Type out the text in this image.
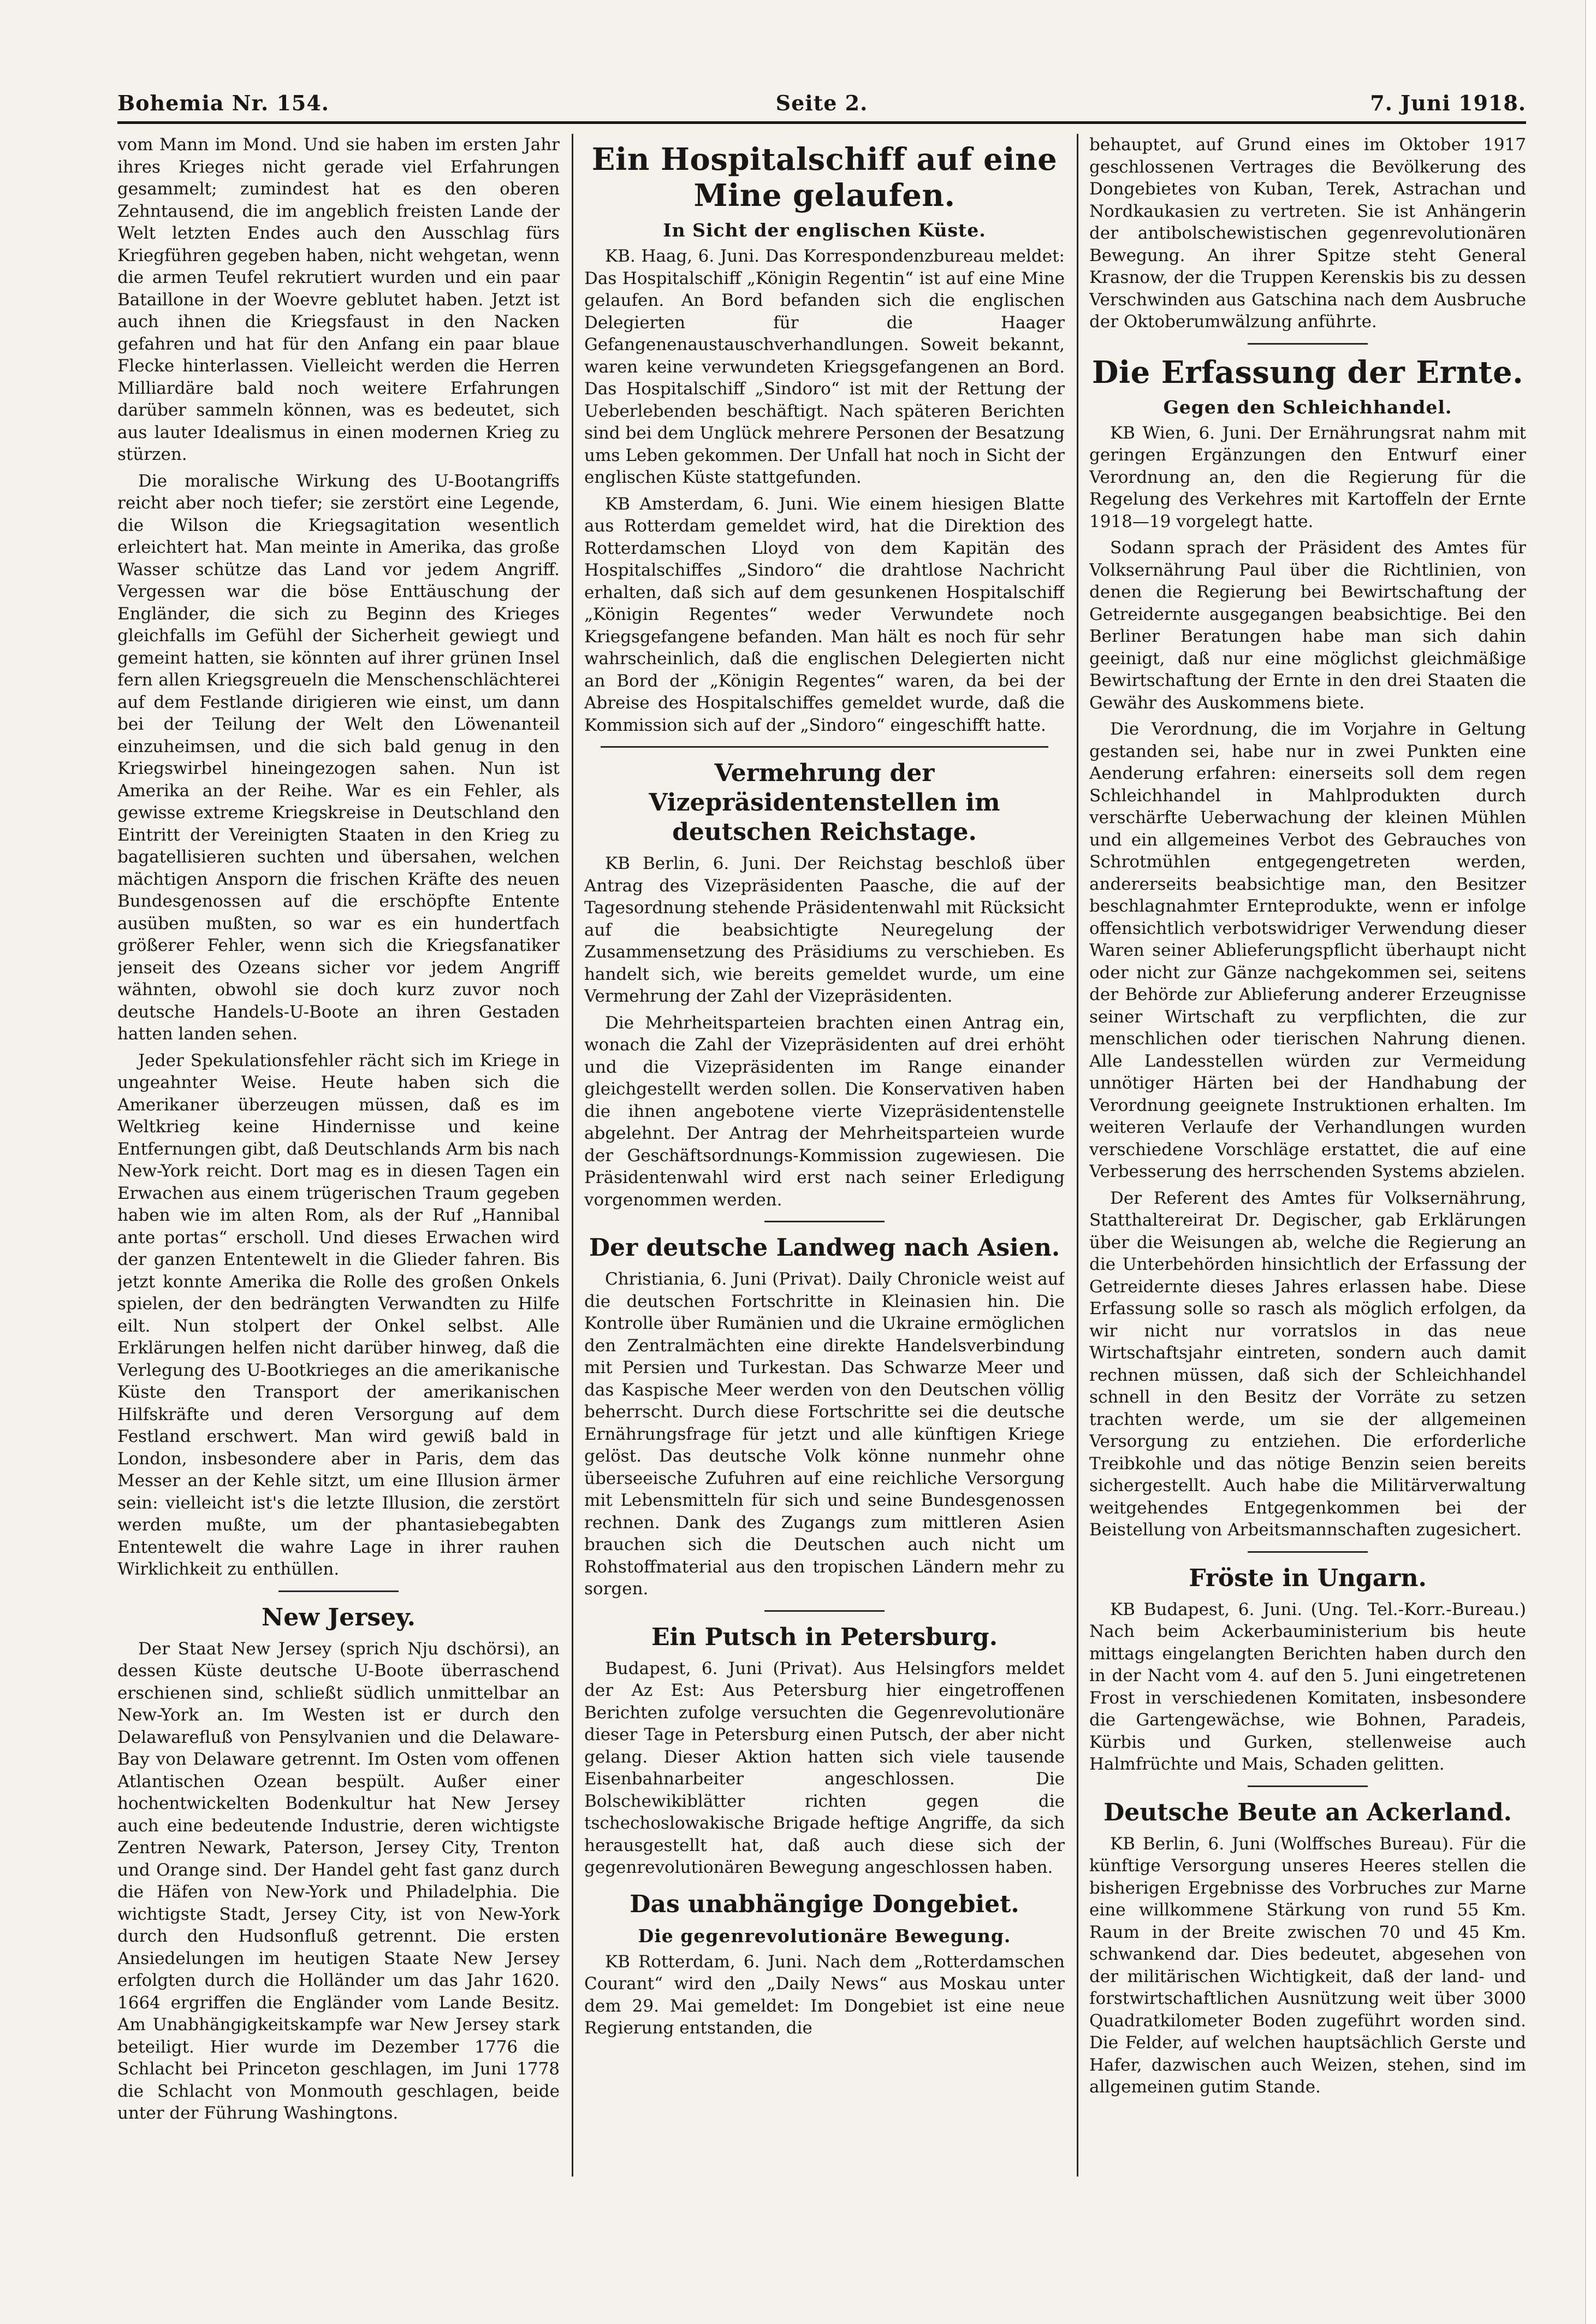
Bohemia Nr. 154.	Seite 2.	7. Juni 1918.

vom Mann im Mond. Und sie haben im ersten Jahr ihres Krieges nicht gerade viel Erfahrungen gesammelt; zumindest hat es den oberen Zehntausend, die im angeblich freisten Lande der Welt letzten Endes auch den Ausschlag fürs Kriegführen gegeben haben, nicht wehgetan, wenn die armen Teufel rekrutiert wurden und ein paar Bataillone in der Woevre geblutet haben. Jetzt ist auch ihnen die Kriegsfaust in den Nacken gefahren und hat für den Anfang ein paar blaue Flecke hinterlassen. Vielleicht werden die Herren Milliardäre bald noch weitere Erfahrungen darüber sammeln können, was es bedeutet, sich aus lauter Idealismus in einen modernen Krieg zu stürzen.

Die moralische Wirkung des U-Bootangriffs reicht aber noch tiefer; sie zerstört eine Legende, die Wilson die Kriegsagitation wesentlich erleichtert hat. Man meinte in Amerika, das große Wasser schütze das Land vor jedem Angriff. Vergessen war die böse Enttäuschung der Engländer, die sich zu Beginn des Krieges gleichfalls im Gefühl der Sicherheit gewiegt und gemeint hatten, sie könnten auf ihrer grünen Insel fern allen Kriegsgreueln die Menschenschlächterei auf dem Festlande dirigieren wie einst, um dann bei der Teilung der Welt den Löwenanteil einzuheimsen, und die sich bald genug in den Kriegswirbel hineingezogen sahen. Nun ist Amerika an der Reihe. War es ein Fehler, als gewisse extreme Kriegskreise in Deutschland den Eintritt der Vereinigten Staaten in den Krieg zu bagatellisieren suchten und übersahen, welchen mächtigen Ansporn die frischen Kräfte des neuen Bundesgenossen auf die erschöpfte Entente ausüben mußten, so war es ein hundertfach größerer Fehler, wenn sich die Kriegsfanatiker jenseit des Ozeans sicher vor jedem Angriff wähnten, obwohl sie doch kurz zuvor noch deutsche Handels-U-Boote an ihren Gestaden hatten landen sehen.

Jeder Spekulationsfehler rächt sich im Kriege in ungeahnter Weise. Heute haben sich die Amerikaner überzeugen müssen, daß es im Weltkrieg keine Hindernisse und keine Entfernungen gibt, daß Deutschlands Arm bis nach New-York reicht. Dort mag es in diesen Tagen ein Erwachen aus einem trügerischen Traum gegeben haben wie im alten Rom, als der Ruf „Hannibal ante portas“ erscholl. Und dieses Erwachen wird der ganzen Ententewelt in die Glieder fahren. Bis jetzt konnte Amerika die Rolle des großen Onkels spielen, der den bedrängten Verwandten zu Hilfe eilt. Nun stolpert der Onkel selbst. Alle Erklärungen helfen nicht darüber hinweg, daß die Verlegung des U-Bootkrieges an die amerikanische Küste den Transport der amerikanischen Hilfskräfte und deren Versorgung auf dem Festland erschwert. Man wird gewiß bald in London, insbesondere aber in Paris, dem das Messer an der Kehle sitzt, um eine Illusion ärmer sein: vielleicht ist's die letzte Illusion, die zerstört werden mußte, um der phantasiebegabten Ententewelt die wahre Lage in ihrer rauhen Wirklichkeit zu enthüllen.

New Jersey.

Der Staat New Jersey (sprich Nju dschörsi), an dessen Küste deutsche U-Boote überraschend erschienen sind, schließt südlich unmittelbar an New-York an. Im Westen ist er durch den Delawarefluß von Pensylvanien und die Delaware-Bay von Delaware getrennt. Im Osten vom offenen Atlantischen Ozean bespült. Außer einer hochentwickelten Bodenkultur hat New Jersey auch eine bedeutende Industrie, deren wichtigste Zentren Newark, Paterson, Jersey City, Trenton und Orange sind. Der Handel geht fast ganz durch die Häfen von New-York und Philadelphia. Die wichtigste Stadt, Jersey City, ist von New-York durch den Hudsonfluß getrennt. Die ersten Ansiedelungen im heutigen Staate New Jersey erfolgten durch die Holländer um das Jahr 1620. 1664 ergriffen die Engländer vom Lande Besitz. Am Unabhängigkeitskampfe war New Jersey stark beteiligt. Hier wurde im Dezember 1776 die Schlacht bei Princeton geschlagen, im Juni 1778 die Schlacht von Monmouth geschlagen, beide unter der Führung Washingtons.

Ein Hospitalschiff auf eine Mine gelaufen.
In Sicht der englischen Küste.

KB. Haag, 6. Juni. Das Korrespondenzbureau meldet: Das Hospitalschiff „Königin Regentin“ ist auf eine Mine gelaufen. An Bord befanden sich die englischen Delegierten für die Haager Gefangenenaustauschverhandlungen. Soweit bekannt, waren keine verwundeten Kriegsgefangenen an Bord. Das Hospitalschiff „Sindoro“ ist mit der Rettung der Ueberlebenden beschäftigt. Nach späteren Berichten sind bei dem Unglück mehrere Personen der Besatzung ums Leben gekommen. Der Unfall hat noch in Sicht der englischen Küste stattgefunden.

KB Amsterdam, 6. Juni. Wie einem hiesigen Blatte aus Rotterdam gemeldet wird, hat die Direktion des Rotterdamschen Lloyd von dem Kapitän des Hospitalschiffes „Sindoro“ die drahtlose Nachricht erhalten, daß sich auf dem gesunkenen Hospitalschiff „Königin Regentes“ weder Verwundete noch Kriegsgefangene befanden. Man hält es noch für sehr wahrscheinlich, daß die englischen Delegierten nicht an Bord der „Königin Regentes“ waren, da bei der Abreise des Hospitalschiffes gemeldet wurde, daß die Kommission sich auf der „Sindoro“ eingeschifft hatte.

Vermehrung der Vizepräsidentenstellen im deutschen Reichstage.

KB Berlin, 6. Juni. Der Reichstag beschloß über Antrag des Vizepräsidenten Paasche, die auf der Tagesordnung stehende Präsidentenwahl mit Rücksicht auf die beabsichtigte Neuregelung der Zusammensetzung des Präsidiums zu verschieben. Es handelt sich, wie bereits gemeldet wurde, um eine Vermehrung der Zahl der Vizepräsidenten.

Die Mehrheitsparteien brachten einen Antrag ein, wonach die Zahl der Vizepräsidenten auf drei erhöht und die Vizepräsidenten im Range einander gleichgestellt werden sollen. Die Konservativen haben die ihnen angebotene vierte Vizepräsidentenstelle abgelehnt. Der Antrag der Mehrheitsparteien wurde der Geschäftsordnungs-Kommission zugewiesen. Die Präsidentenwahl wird erst nach seiner Erledigung vorgenommen werden.

Der deutsche Landweg nach Asien.

Christiania, 6. Juni (Privat). Daily Chronicle weist auf die deutschen Fortschritte in Kleinasien hin. Die Kontrolle über Rumänien und die Ukraine ermöglichen den Zentralmächten eine direkte Handelsverbindung mit Persien und Turkestan. Das Schwarze Meer und das Kaspische Meer werden von den Deutschen völlig beherrscht. Durch diese Fortschritte sei die deutsche Ernährungsfrage für jetzt und alle künftigen Kriege gelöst. Das deutsche Volk könne nunmehr ohne überseeische Zufuhren auf eine reichliche Versorgung mit Lebensmitteln für sich und seine Bundesgenossen rechnen. Dank des Zugangs zum mittleren Asien brauchen sich die Deutschen auch nicht um Rohstoffmaterial aus den tropischen Ländern mehr zu sorgen.

Ein Putsch in Petersburg.

Budapest, 6. Juni (Privat). Aus Helsingfors meldet der Az Est: Aus Petersburg hier eingetroffenen Berichten zufolge versuchten die Gegenrevolutionäre dieser Tage in Petersburg einen Putsch, der aber nicht gelang. Dieser Aktion hatten sich viele tausende Eisenbahnarbeiter angeschlossen. Die Bolschewikiblätter richten gegen die tschechoslowakische Brigade heftige Angriffe, da sich herausgestellt hat, daß auch diese sich der gegenrevolutionären Bewegung angeschlossen haben.

Das unabhängige Dongebiet.
Die gegenrevolutionäre Bewegung.

KB Rotterdam, 6. Juni. Nach dem „Rotterdamschen Courant“ wird den „Daily News“ aus Moskau unter dem 29. Mai gemeldet: Im Dongebiet ist eine neue Regierung entstanden, die

behauptet, auf Grund eines im Oktober 1917 geschlossenen Vertrages die Bevölkerung des Dongebietes von Kuban, Terek, Astrachan und Nordkaukasien zu vertreten. Sie ist Anhängerin der antibolschewistischen gegenrevolutionären Bewegung. An ihrer Spitze steht General Krasnow, der die Truppen Kerenskis bis zu dessen Verschwinden aus Gatschina nach dem Ausbruche der Oktoberumwälzung anführte.

Die Erfassung der Ernte.
Gegen den Schleichhandel.

KB Wien, 6. Juni. Der Ernährungsrat nahm mit geringen Ergänzungen den Entwurf einer Verordnung an, den die Regierung für die Regelung des Verkehres mit Kartoffeln der Ernte 1918—19 vorgelegt hatte.

Sodann sprach der Präsident des Amtes für Volksernährung Paul über die Richtlinien, von denen die Regierung bei Bewirtschaftung der Getreidernte ausgegangen beabsichtige. Bei den Berliner Beratungen habe man sich dahin geeinigt, daß nur eine möglichst gleichmäßige Bewirtschaftung der Ernte in den drei Staaten die Gewähr des Auskommens biete.

Die Verordnung, die im Vorjahre in Geltung gestanden sei, habe nur in zwei Punkten eine Aenderung erfahren: einerseits soll dem regen Schleichhandel in Mahlprodukten durch verschärfte Ueberwachung der kleinen Mühlen und ein allgemeines Verbot des Gebrauches von Schrotmühlen entgegengetreten werden, andererseits beabsichtige man, den Besitzer beschlagnahmter Ernteprodukte, wenn er infolge offensichtlich verbotswidriger Verwendung dieser Waren seiner Ablieferungspflicht überhaupt nicht oder nicht zur Gänze nachgekommen sei, seitens der Behörde zur Ablieferung anderer Erzeugnisse seiner Wirtschaft zu verpflichten, die zur menschlichen oder tierischen Nahrung dienen. Alle Landesstellen würden zur Vermeidung unnötiger Härten bei der Handhabung der Verordnung geeignete Instruktionen erhalten. Im weiteren Verlaufe der Verhandlungen wurden verschiedene Vorschläge erstattet, die auf eine Verbesserung des herrschenden Systems abzielen.

Der Referent des Amtes für Volksernährung, Statthaltereirat Dr. Degischer, gab Erklärungen über die Weisungen ab, welche die Regierung an die Unterbehörden hinsichtlich der Erfassung der Getreidernte dieses Jahres erlassen habe. Diese Erfassung solle so rasch als möglich erfolgen, da wir nicht nur vorratslos in das neue Wirtschaftsjahr eintreten, sondern auch damit rechnen müssen, daß sich der Schleichhandel schnell in den Besitz der Vorräte zu setzen trachten werde, um sie der allgemeinen Versorgung zu entziehen. Die erforderliche Treibkohle und das nötige Benzin seien bereits sichergestellt. Auch habe die Militärverwaltung weitgehendes Entgegenkommen bei der Beistellung von Arbeitsmannschaften zugesichert.

Fröste in Ungarn.

KB Budapest, 6. Juni. (Ung. Tel.-Korr.-Bureau.) Nach beim Ackerbauministerium bis heute mittags eingelangten Berichten haben durch den in der Nacht vom 4. auf den 5. Juni eingetretenen Frost in verschiedenen Komitaten, insbesondere die Gartengewächse, wie Bohnen, Paradeis, Kürbis und Gurken, stellenweise auch Halmfrüchte und Mais, Schaden gelitten.

Deutsche Beute an Ackerland.

KB Berlin, 6. Juni (Wolffsches Bureau). Für die künftige Versorgung unseres Heeres stellen die bisherigen Ergebnisse des Vorbruches zur Marne eine willkommene Stärkung von rund 55 Km. Raum in der Breite zwischen 70 und 45 Km. schwankend dar. Dies bedeutet, abgesehen von der militärischen Wichtigkeit, daß der land- und forstwirtschaftlichen Ausnützung weit über 3000 Quadratkilometer Boden zugeführt worden sind. Die Felder, auf welchen hauptsächlich Gerste und Hafer, dazwischen auch Weizen, stehen, sind im allgemeinen gutim Stande.
